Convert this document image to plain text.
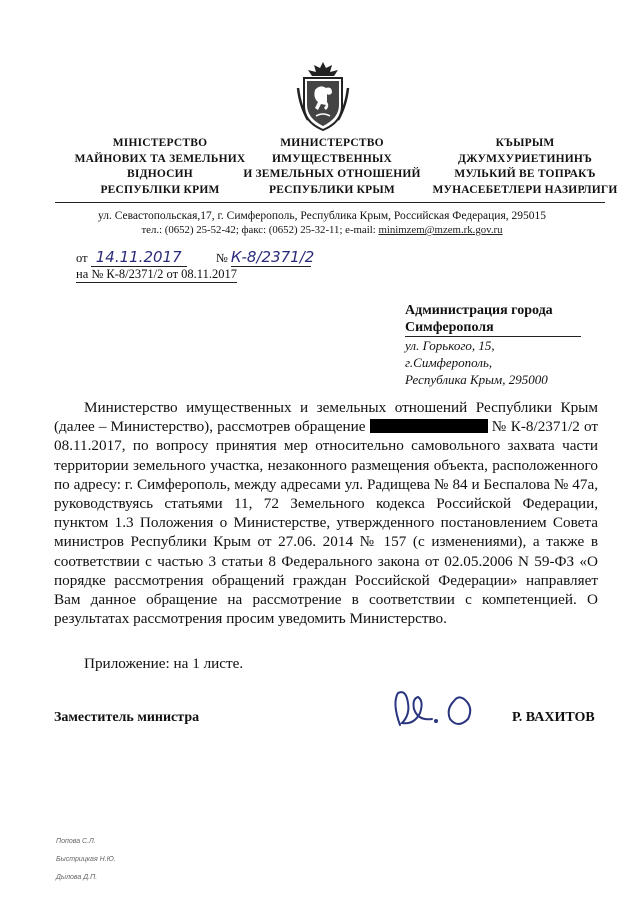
МІНІСТЕРСТВО
МАЙНОВИХ ТА ЗЕМЕЛЬНИХ
ВІДНОСИН
РЕСПУБЛІКИ КРИМ
МИНИСТЕРСТВО
ИМУЩЕСТВЕННЫХ
И ЗЕМЕЛЬНЫХ ОТНОШЕНИЙ
РЕСПУБЛИКИ КРЫМ
КЪЫРЫМ
ДЖУМХУРИЕТИНИНЪ
МУЛЬКИЙ ВЕ ТОПРАКЪ
МУНАСЕБЕТЛЕРИ НАЗИРЛИГИ
ул. Севастопольская,17, г. Симферополь, Республика Крым, Российская Федерация, 295015
тел.: (0652) 25-52-42; факс: (0652) 25-32-11; e-mail: minimzem@mzem.rk.gov.ru
от 14.11.2017	№ К-8/2371/2
на № К-8/2371/2 от 08.11.2017
Администрация города
Симферополя
ул. Горького, 15,
г.Симферополь,
Республика Крым, 295000

Министерство имущественных и земельных отношений Республики Крым (далее – Министерство), рассмотрев обращение	№ К-8/2371/2 от 08.11.2017, по вопросу принятия мер относительно самовольного захвата части территории земельного участка, незаконного размещения объекта, расположенного по адресу: г. Симферополь, между адресами ул. Радищева № 84 и Беспалова № 47а, руководствуясь статьями 11, 72 Земельного кодекса Российской Федерации, пунктом 1.3 Положения о Министерстве, утвержденного постановлением Совета министров Республики Крым от 27.06. 2014 № 157 (с изменениями), а также в соответствии с частью 3 статьи 8 Федерального закона от 02.05.2006 N 59-ФЗ «О порядке рассмотрения обращений граждан Российской Федерации» направляет Вам данное обращение на рассмотрение в соответствии с компетенцией. О результатах рассмотрения просим уведомить Министерство.

Приложение: на 1 листе.
Заместитель министра	Р. ВАХИТОВ
Попова С.Л.
Быстрицкая Н.Ю.
Дылова Д.П.
